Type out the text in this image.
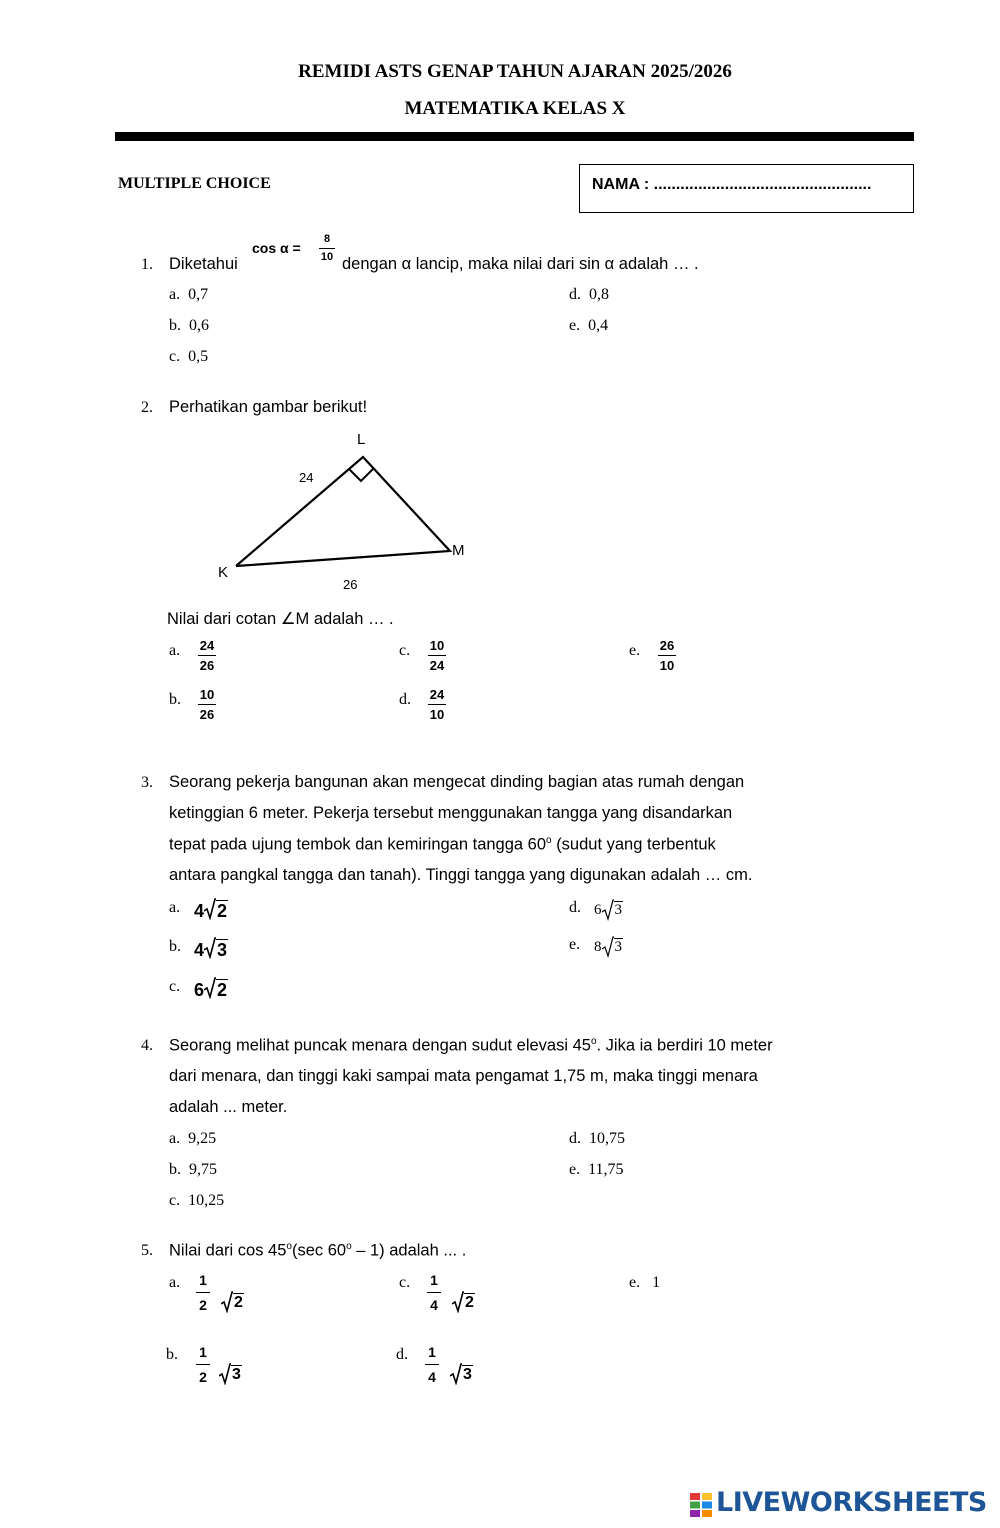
REMIDI ASTS GENAP TAHUN AJARAN 2025/2026
MATEMATIKA KELAS X
MULTIPLE CHOICE	NAMA : .................................................
1. Diketahui
cos α =
8
10 dengan α lancip, maka nilai dari sin α adalah … .
a. 0,7
b. 0,6
c. 0,5
d. 0,8
e. 0,4
2. Perhatikan gambar berikut!
L
K
M
24
26
Nilai dari cotan ∠M adalah … .
a. 24
26
b. 10
26
c. 10
24
d. 24
10
e. 26
10
3. Seorang pekerja bangunan akan mengecat dinding bagian atas rumah dengan
ketinggian 6 meter. Pekerja tersebut menggunakan tangga yang disandarkan
tepat pada ujung tembok dan kemiringan tangga 60$^o$ (sudut yang terbentuk
antara pangkal tangga dan tanah). Tinggi tangga yang digunakan adalah … cm.
a. 4 2
b. 4 3
c. 6 2
d. 6 3
e. 8 3
4. Seorang melihat puncak menara dengan sudut elevasi 45$^o$. Jika ia berdiri 10 meter
dari menara, dan tinggi kaki sampai mata pengamat 1,75 m, maka tinggi menara
adalah ... meter.
a. 9,25
b. 9,75
c. 10,25
d. 10,75
e. 11,75
5. Nilai dari cos 45$^o$(sec 60$^o$ – 1) adalah ... .
a. 1
2	2
b. 1
2	3
c. 1
4	2
d. 1
4	3
e. 1
LIVEWORKSHEETS
